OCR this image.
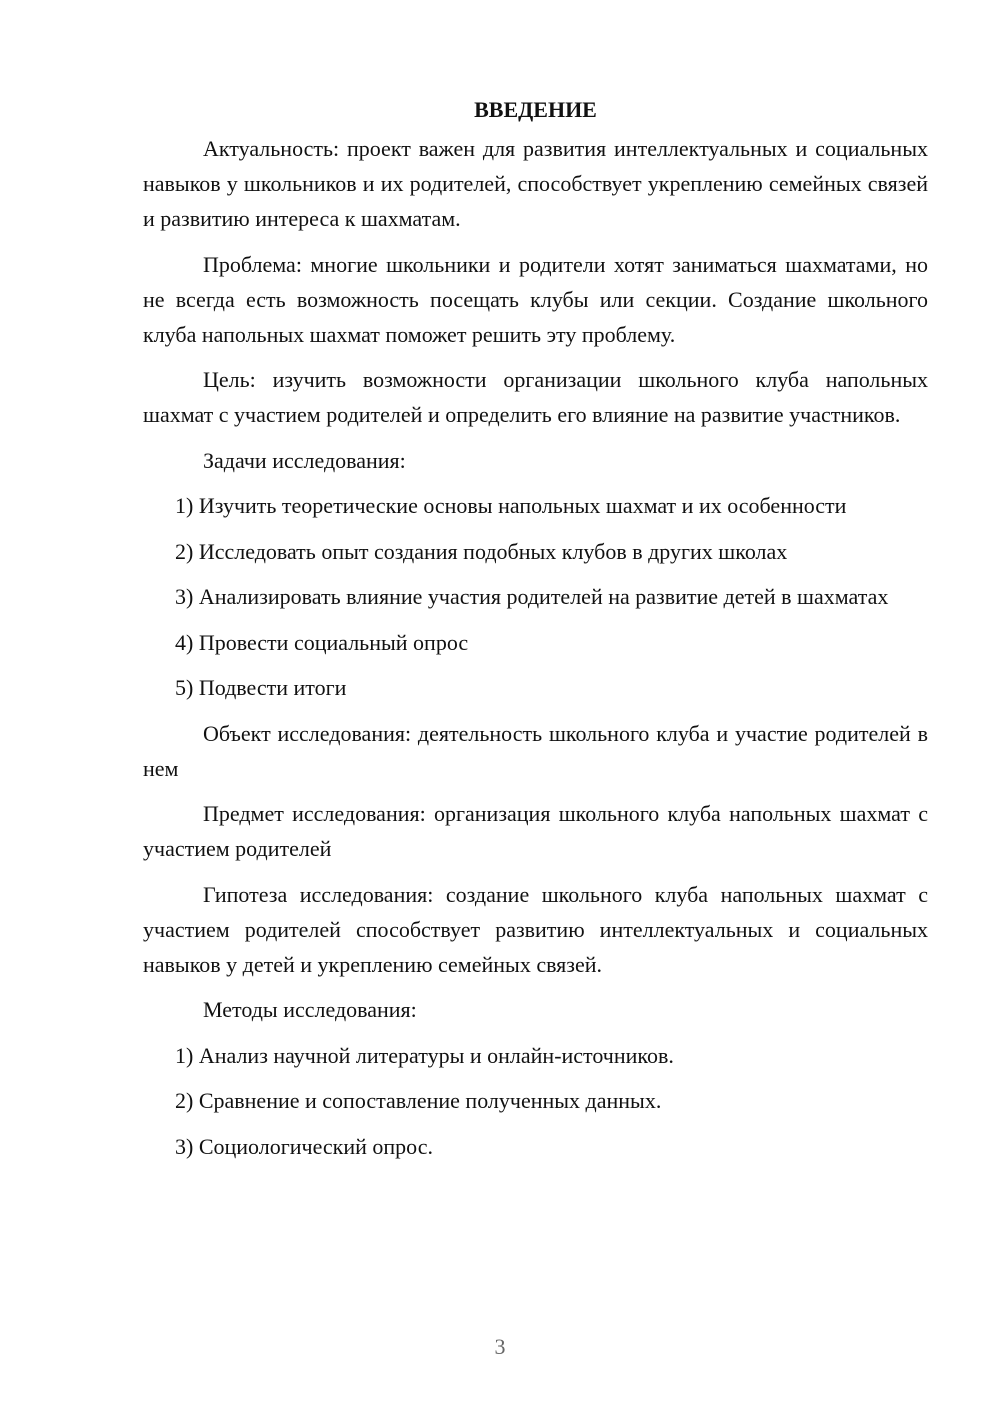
ВВЕДЕНИЕ

Актуальность: проект важен для развития интеллектуальных и социальных навыков у школьников и их родителей, способствует укреплению семейных связей и развитию интереса к шахматам.

Проблема: многие школьники и родители хотят заниматься шахматами, но не всегда есть возможность посещать клубы или секции. Создание школьного клуба напольных шахмат поможет решить эту проблему.

Цель: изучить возможности организации школьного клуба напольных шахмат с участием родителей и определить его влияние на развитие участников.

Задачи исследования:

1) Изучить теоретические основы напольных шахмат и их особенности

2) Исследовать опыт создания подобных клубов в других школах

3) Анализировать влияние участия родителей на развитие детей в шахматах

4) Провести социальный опрос

5) Подвести итоги

Объект исследования: деятельность школьного клуба и участие родителей в нем

Предмет исследования: организация школьного клуба напольных шахмат с участием родителей

Гипотеза исследования: создание школьного клуба напольных шахмат с участием родителей способствует развитию интеллектуальных и социальных навыков у детей и укреплению семейных связей.

Методы исследования:

1) Анализ научной литературы и онлайн-источников.

2) Сравнение и сопоставление полученных данных.

3) Социологический опрос.

3
